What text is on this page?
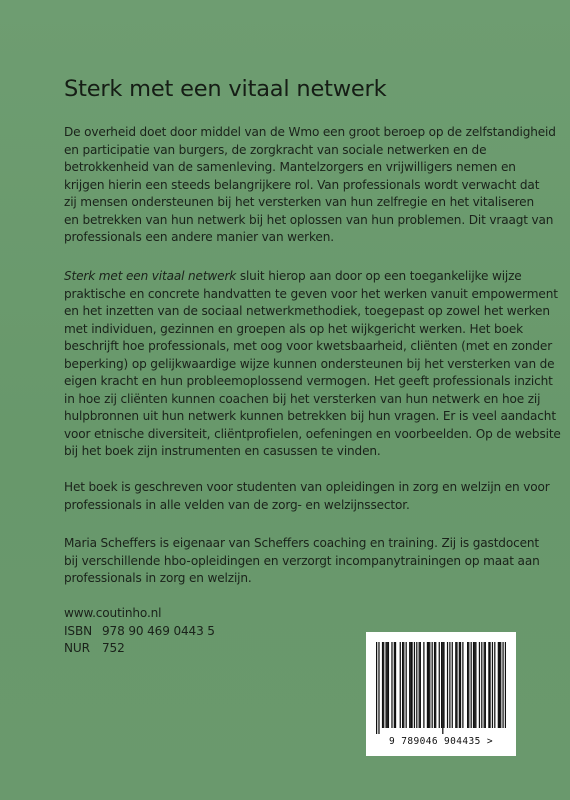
Sterk met een vitaal netwerk

De overheid doet door middel van de Wmo een groot beroep op de zelfstandigheid
en participatie van burgers, de zorgkracht van sociale netwerken en de
betrokkenheid van de samenleving. Mantelzorgers en vrijwilligers nemen en
krijgen hierin een steeds belangrijkere rol. Van professionals wordt verwacht dat
zij mensen ondersteunen bij het versterken van hun zelfregie en het vitaliseren
en betrekken van hun netwerk bij het oplossen van hun problemen. Dit vraagt van
professionals een andere manier van werken.

Sterk met een vitaal netwerk sluit hierop aan door op een toegankelijke wijze
praktische en concrete handvatten te geven voor het werken vanuit empowerment
en het inzetten van de sociaal netwerkmethodiek, toegepast op zowel het werken
met individuen, gezinnen en groepen als op het wijkgericht werken. Het boek
beschrijft hoe professionals, met oog voor kwetsbaarheid, cliënten (met en zonder
beperking) op gelijkwaardige wijze kunnen ondersteunen bij het versterken van de
eigen kracht en hun probleemoplossend vermogen. Het geeft professionals inzicht
in hoe zij cliënten kunnen coachen bij het versterken van hun netwerk en hoe zij
hulpbronnen uit hun netwerk kunnen betrekken bij hun vragen. Er is veel aandacht
voor etnische diversiteit, cliëntprofielen, oefeningen en voorbeelden. Op de website
bij het boek zijn instrumenten en casussen te vinden.

Het boek is geschreven voor studenten van opleidingen in zorg en welzijn en voor
professionals in alle velden van de zorg- en welzijnssector.

Maria Scheffers is eigenaar van Scheffers coaching en training. Zij is gastdocent
bij verschillende hbo-opleidingen en verzorgt incompanytrainingen op maat aan
professionals in zorg en welzijn.

www.coutinho.nl
ISBN 978 90 469 0443 5
NUR 752
9 789046 904435 >
